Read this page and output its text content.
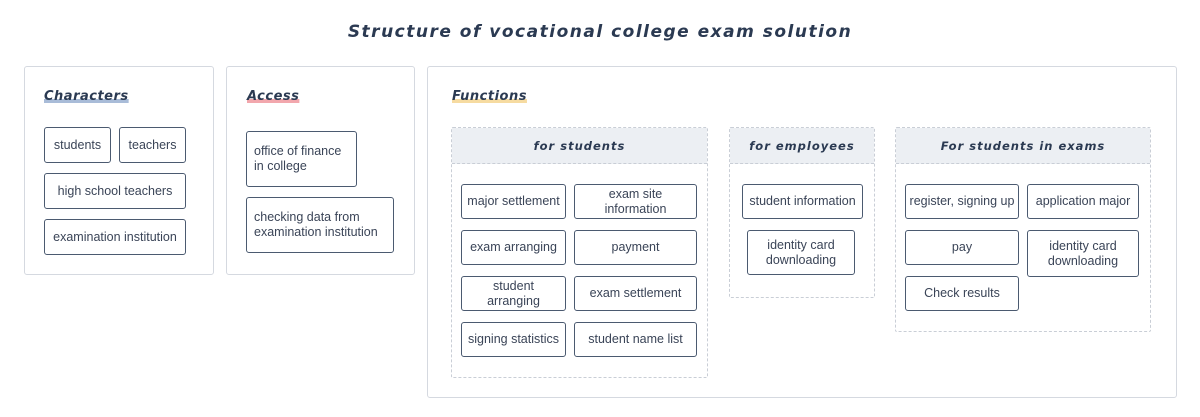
Structure of vocational college exam solution
Characters
students	teachers
high school teachers
examination institution
Access
office of finance in college
checking data from examination institution
Functions
for students
major settlement
exam site information
exam arranging	payment
student arranging
exam settlement
signing statistics	student name list
for employees
student information
identity card downloading
For students in exams
register, signing up	application major
pay	identity card downloading
Check results
